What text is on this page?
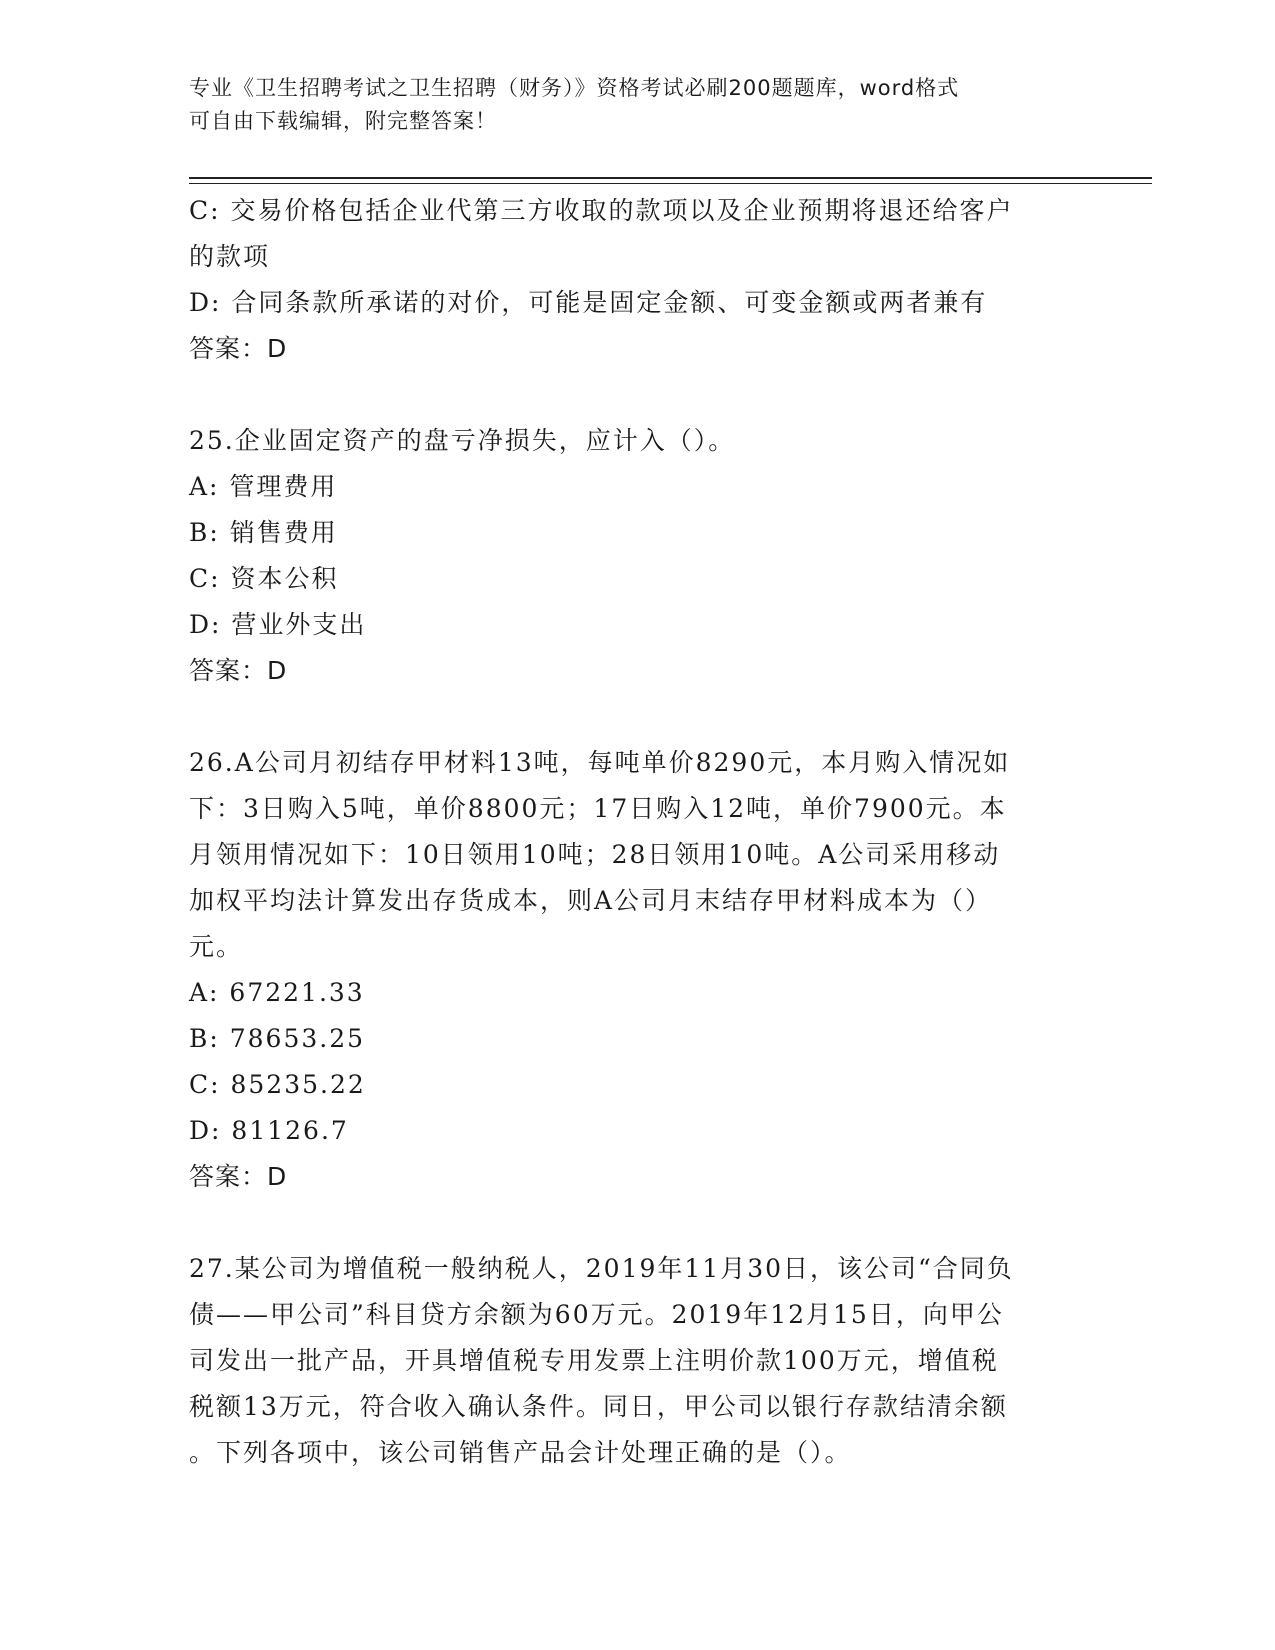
专业《卫生招聘考试之卫生招聘（财务）》资格考试必刷200题题库，word格式
可自由下载编辑，附完整答案！
C: 交易价格包括企业代第三方收取的款项以及企业预期将退还给客户
的款项
D: 合同条款所承诺的对价，可能是固定金额、可变金额或两者兼有
答案：D
25.企业固定资产的盘亏净损失，应计入（）。
A: 管理费用
B: 销售费用
C: 资本公积
D: 营业外支出
答案：D
26.A公司月初结存甲材料13吨，每吨单价8290元，本月购入情况如
下：3日购入5吨，单价8800元；17日购入12吨，单价7900元。本
月领用情况如下：10日领用10吨；28日领用10吨。A公司采用移动
加权平均法计算发出存货成本，则A公司月末结存甲材料成本为（）
元。
A: 67221.33
B: 78653.25
C: 85235.22
D: 81126.7
答案：D
27.某公司为增值税一般纳税人，2019年11月30日，该公司“合同负
债——甲公司”科目贷方余额为60万元。2019年12月15日，向甲公
司发出一批产品，开具增值税专用发票上注明价款100万元，增值税
税额13万元，符合收入确认条件。同日，甲公司以银行存款结清余额
。下列各项中，该公司销售产品会计处理正确的是（）。
